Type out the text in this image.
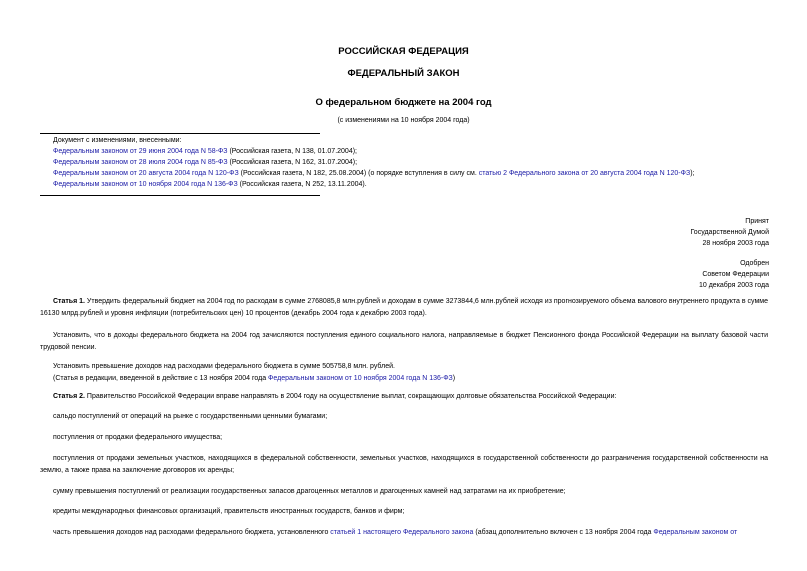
РОССИЙСКАЯ ФЕДЕРАЦИЯ
ФЕДЕРАЛЬНЫЙ ЗАКОН
О федеральном бюджете на 2004 год
(с изменениями на 10 ноября 2004 года)
Документ с изменениями, внесенными:
Федеральным законом от 29 июня 2004 года N 58-ФЗ (Российская газета, N 138, 01.07.2004);
Федеральным законом от 28 июля 2004 года N 85-ФЗ (Российская газета, N 162, 31.07.2004);
Федеральным законом от 20 августа 2004 года N 120-ФЗ (Российская газета, N 182, 25.08.2004) (о порядке вступления в силу см. статью 2 Федерального закона от 20 августа 2004 года N 120-ФЗ);
Федеральным законом от 10 ноября 2004 года N 136-ФЗ (Российская газета, N 252, 13.11.2004).
Принят
Государственной Думой
28 ноября 2003 года
Одобрен
Советом Федерации
10 декабря 2003 года
Статья 1. Утвердить федеральный бюджет на 2004 год по расходам в сумме 2768085,8 млн.рублей и доходам в сумме 3273844,6 млн.рублей исходя из прогнозируемого объема валового внутреннего продукта в сумме 16130 млрд.рублей и уровня инфляции (потребительских цен) 10 процентов (декабрь 2004 года к декабрю 2003 года).
Установить, что в доходы федерального бюджета на 2004 год зачисляются поступления единого социального налога, направляемые в бюджет Пенсионного фонда Российской Федерации на выплату базовой части трудовой пенсии.
Установить превышение доходов над расходами федерального бюджета в сумме 505758,8 млн. рублей.
(Статья в редакции, введенной в действие с 13 ноября 2004 года Федеральным законом от 10 ноября 2004 года N 136-ФЗ)
Статья 2. Правительство Российской Федерации вправе направлять в 2004 году на осуществление выплат, сокращающих долговые обязательства Российской Федерации:
сальдо поступлений от операций на рынке с государственными ценными бумагами;
поступления от продажи федерального имущества;
поступления от продажи земельных участков, находящихся в федеральной собственности, земельных участков, находящихся в государственной собственности до разграничения государственной собственности на землю, а также права на заключение договоров их аренды;
сумму превышения поступлений от реализации государственных запасов драгоценных металлов и драгоценных камней над затратами на их приобретение;
кредиты международных финансовых организаций, правительств иностранных государств, банков и фирм;
часть превышения доходов над расходами федерального бюджета, установленного статьей 1 настоящего Федерального закона (абзац дополнительно включен с 13 ноября 2004 года Федеральным законом от
